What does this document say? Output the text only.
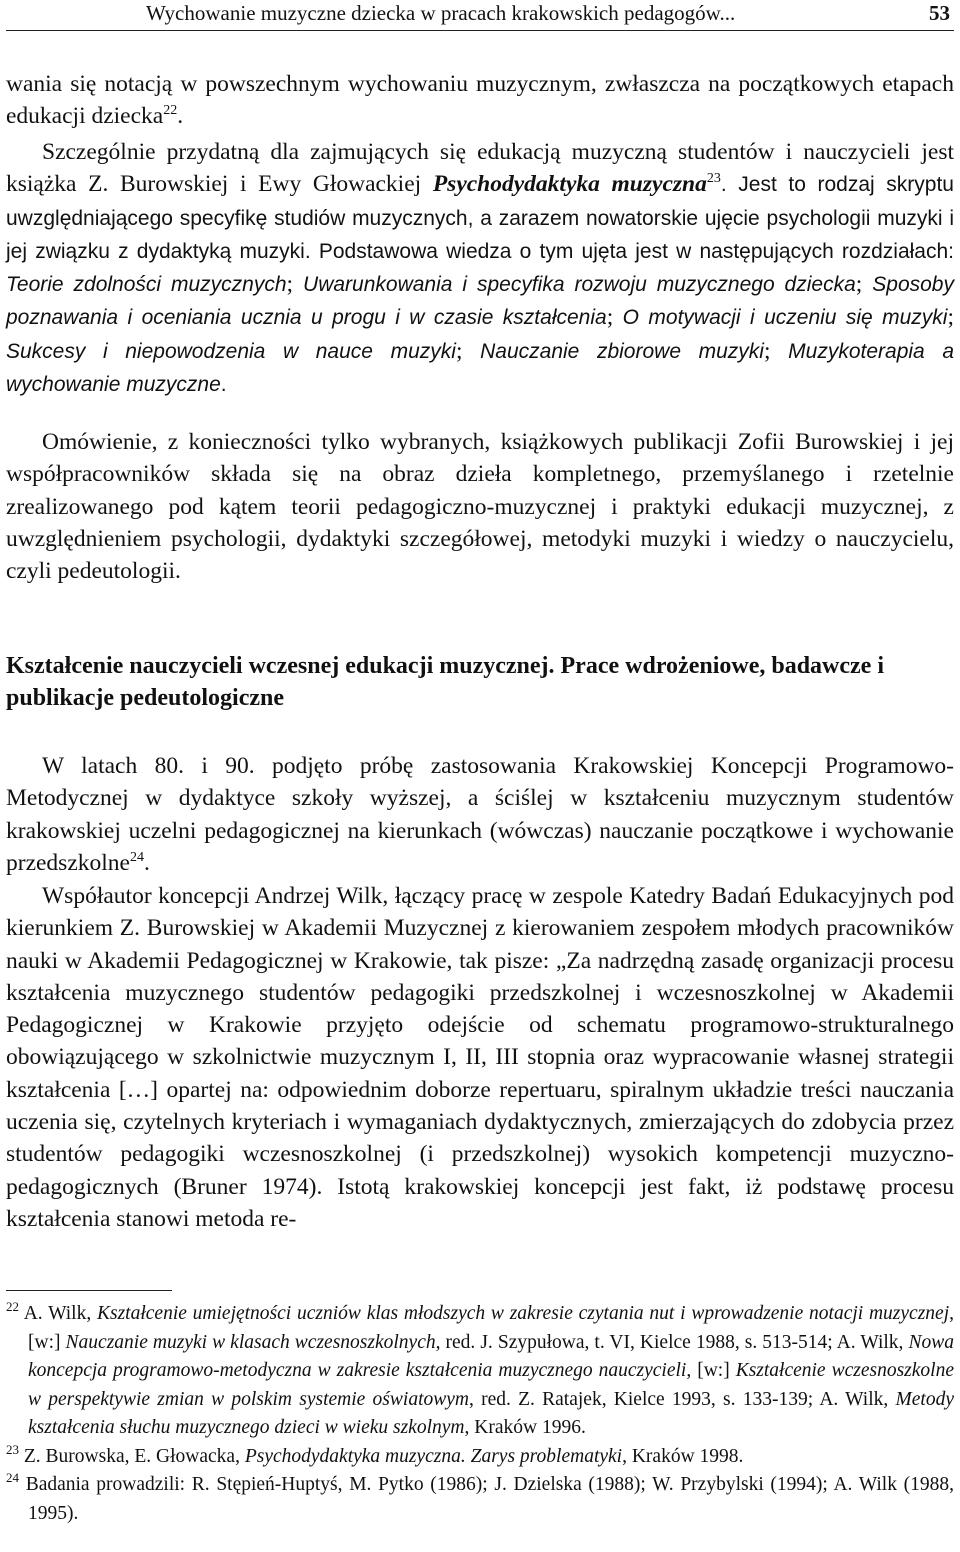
Wychowanie muzyczne dziecka w pracach krakowskich pedagogów...	53

wania się notacją w powszechnym wychowaniu muzycznym, zwłaszcza na początkowych etapach edukacji dziecka$^{22}$.

Szczególnie przydatną dla zajmujących się edukacją muzyczną studentów i nauczycieli jest książka Z. Burowskiej i Ewy Głowackiej Psychodydaktyka muzyczna$^{23}$. Jest to rodzaj skryptu uwzględniającego specyfikę studiów muzycznych, a zarazem nowatorskie ujęcie psychologii muzyki i jej związku z dydaktyką muzyki. Podstawowa wiedza o tym ujęta jest w następujących rozdziałach: Teorie zdolności muzycznych; Uwarunkowania i specyfika rozwoju muzycznego dziecka; Sposoby poznawania i oceniania ucznia u progu i w czasie kształcenia; O motywacji i uczeniu się muzyki; Sukcesy i niepowodzenia w nauce muzyki; Nauczanie zbiorowe muzyki; Muzykoterapia a wychowanie muzyczne.

Omówienie, z konieczności tylko wybranych, książkowych publikacji Zofii Burowskiej i jej współpracowników składa się na obraz dzieła kompletnego, przemyślanego i rzetelnie zrealizowanego pod kątem teorii pedagogiczno-muzycznej i praktyki edukacji muzycznej, z uwzględnieniem psychologii, dydaktyki szczegółowej, metodyki muzyki i wiedzy o nauczycielu, czyli pedeutologii.

Kształcenie nauczycieli wczesnej edukacji muzycznej. Prace wdrożeniowe, badawcze i publikacje pedeutologiczne

W latach 80. i 90. podjęto próbę zastosowania Krakowskiej Koncepcji Programowo-Metodycznej w dydaktyce szkoły wyższej, a ściślej w kształceniu muzycznym studentów krakowskiej uczelni pedagogicznej na kierunkach (wówczas) nauczanie początkowe i wychowanie przedszkolne$^{24}$.

Współautor koncepcji Andrzej Wilk, łączący pracę w zespole Katedry Badań Edukacyjnych pod kierunkiem Z. Burowskiej w Akademii Muzycznej z kierowaniem zespołem młodych pracowników nauki w Akademii Pedagogicznej w Krakowie, tak pisze: „Za nadrzędną zasadę organizacji procesu kształcenia muzycznego studentów pedagogiki przedszkolnej i wczesnoszkolnej w Akademii Pedagogicznej w Krakowie przyjęto odejście od schematu programowo-strukturalnego obowiązującego w szkolnictwie muzycznym I, II, III stopnia oraz wypracowanie własnej strategii kształcenia […] opartej na: odpowiednim doborze repertuaru, spiralnym układzie treści nauczania uczenia się, czytelnych kryteriach i wymaganiach dydaktycznych, zmierzających do zdobycia przez studentów pedagogiki wczesnoszkolnej (i przedszkolnej) wysokich kompetencji muzyczno-pedagogicznych (Bruner 1974). Istotą krakowskiej koncepcji jest fakt, iż podstawę procesu kształcenia stanowi metoda re-

$^{22}$ A. Wilk, Kształcenie umiejętności uczniów klas młodszych w zakresie czytania nut i wprowadzenie notacji muzycznej, [w:] Nauczanie muzyki w klasach wczesnoszkolnych, red. J. Szypułowa, t. VI, Kielce 1988, s. 513-514; A. Wilk, Nowa koncepcja programowo-metodyczna w zakresie kształcenia muzycznego nauczycieli, [w:] Kształcenie wczesnoszkolne w perspektywie zmian w polskim systemie oświatowym, red. Z. Ratajek, Kielce 1993, s. 133-139; A. Wilk, Metody kształcenia słuchu muzycznego dzieci w wieku szkolnym, Kraków 1996.
$^{23}$ Z. Burowska, E. Głowacka, Psychodydaktyka muzyczna. Zarys problematyki, Kraków 1998.
$^{24}$ Badania prowadzili: R. Stępień-Huptyś, M. Pytko (1986); J. Dzielska (1988); W. Przybylski (1994); A. Wilk (1988, 1995).
